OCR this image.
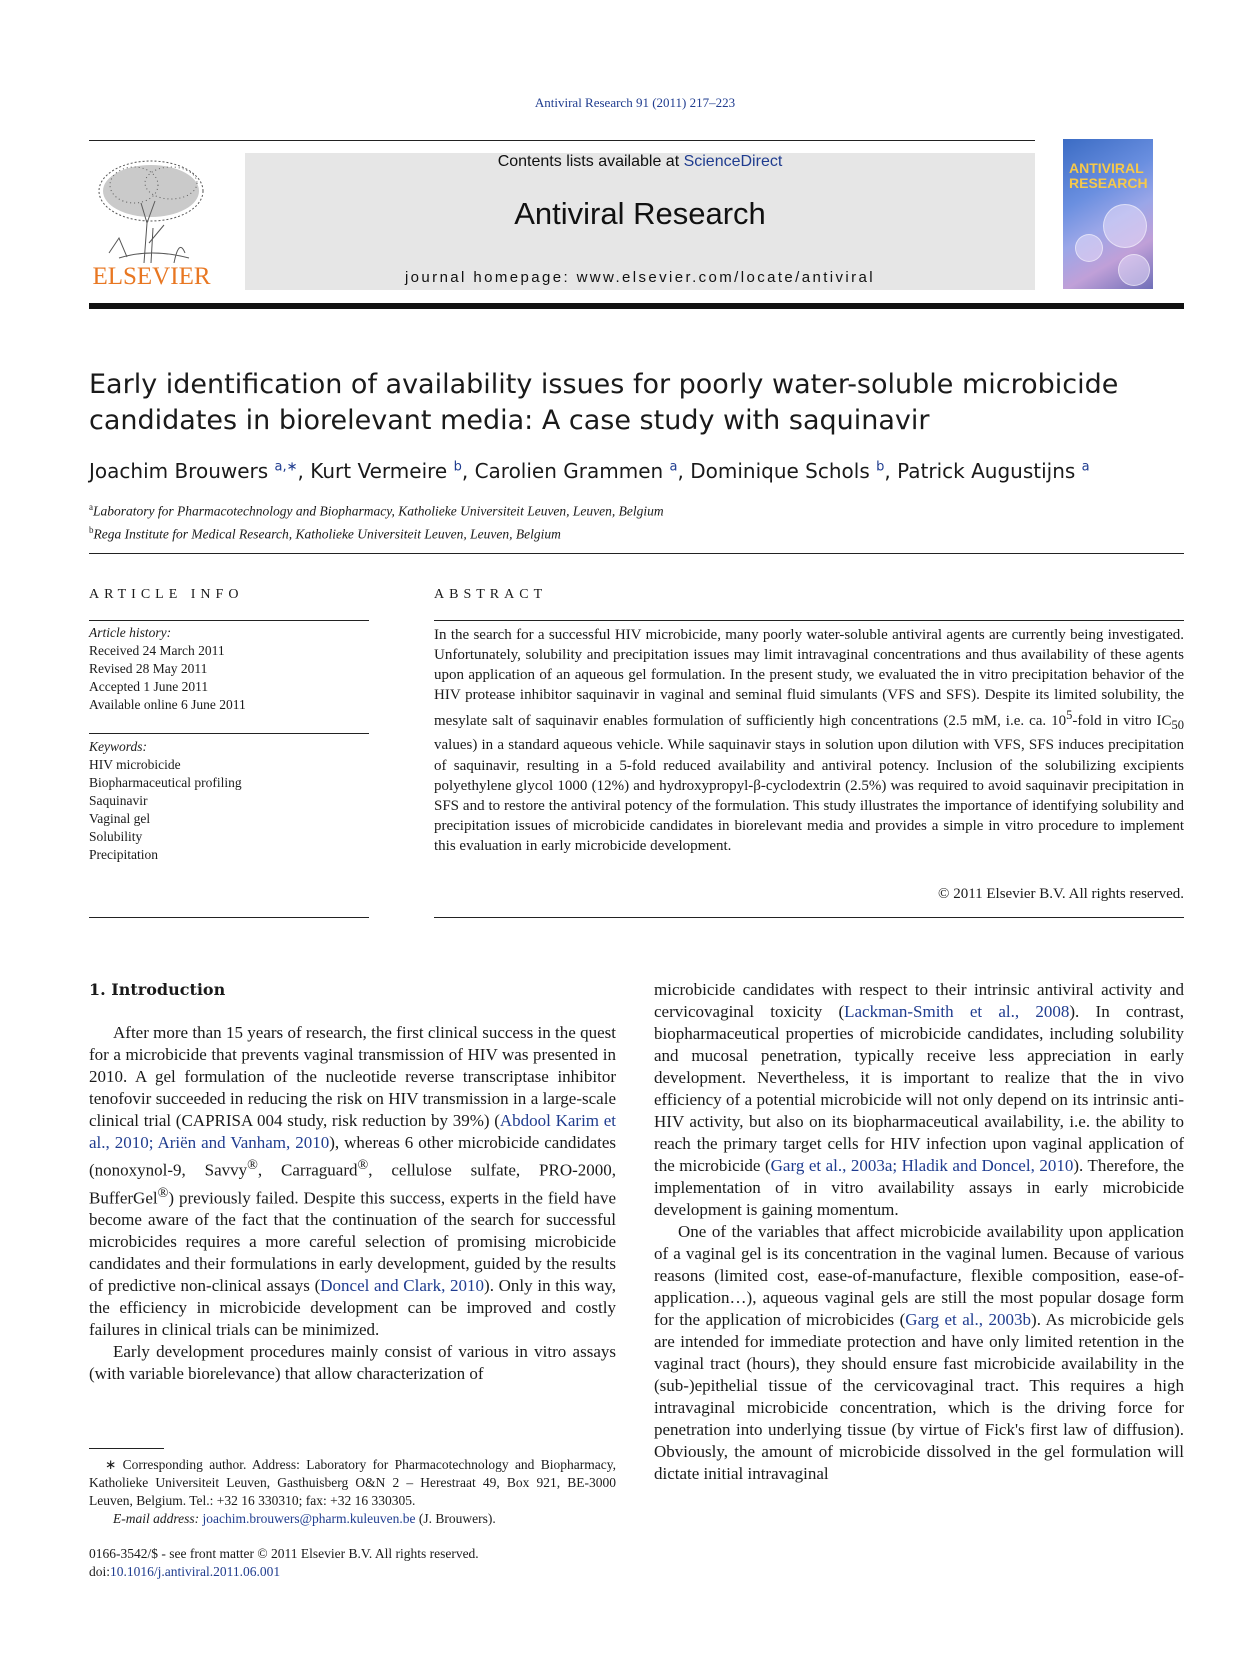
Antiviral Research 91 (2011) 217–223
ELSEVIER
Contents lists available at ScienceDirect
Antiviral Research
journal homepage: www.elsevier.com/locate/antiviral
ANTIVIRAL
RESEARCH
Early identification of availability issues for poorly water-soluble microbicide candidates in biorelevant media: A case study with saquinavir
Joachim Brouwers $^{a,∗}$, Kurt Vermeire $^b$, Carolien Grammen $^a$, Dominique Schols $^b$, Patrick Augustijns $^a$
$^a$Laboratory for Pharmacotechnology and Biopharmacy, Katholieke Universiteit Leuven, Leuven, Belgium
$^b$Rega Institute for Medical Research, Katholieke Universiteit Leuven, Leuven, Belgium
ARTICLE INFO
Article history:
Received 24 March 2011
Revised 28 May 2011
Accepted 1 June 2011
Available online 6 June 2011
Keywords:
HIV microbicide
Biopharmaceutical profiling
Saquinavir
Vaginal gel
Solubility
Precipitation
ABSTRACT
In the search for a successful HIV microbicide, many poorly water-soluble antiviral agents are currently being investigated. Unfortunately, solubility and precipitation issues may limit intravaginal concentrations and thus availability of these agents upon application of an aqueous gel formulation. In the present study, we evaluated the in vitro precipitation behavior of the HIV protease inhibitor saquinavir in vaginal and seminal fluid simulants (VFS and SFS). Despite its limited solubility, the mesylate salt of saquinavir enables formulation of sufficiently high concentrations (2.5 mM, i.e. ca. $10^5$-fold in vitro $IC_{50}$ values) in a standard aqueous vehicle. While saquinavir stays in solution upon dilution with VFS, SFS induces precipitation of saquinavir, resulting in a 5-fold reduced availability and antiviral potency. Inclusion of the solubilizing excipients polyethylene glycol 1000 (12%) and hydroxypropyl-β-cyclodextrin (2.5%) was required to avoid saquinavir precipitation in SFS and to restore the antiviral potency of the formulation. This study illustrates the importance of identifying solubility and precipitation issues of microbicide candidates in biorelevant media and provides a simple in vitro procedure to implement this evaluation in early microbicide development.
© 2011 Elsevier B.V. All rights reserved.
1. Introduction

After more than 15 years of research, the first clinical success in the quest for a microbicide that prevents vaginal transmission of HIV was presented in 2010. A gel formulation of the nucleotide reverse transcriptase inhibitor tenofovir succeeded in reducing the risk on HIV transmission in a large-scale clinical trial (CAPRISA 004 study, risk reduction by 39%) (Abdool Karim et al., 2010; Ariën and Vanham, 2010), whereas 6 other microbicide candidates (nonoxynol-9, Savvy®, Carraguard®, cellulose sulfate, PRO-2000, BufferGel®) previously failed. Despite this success, experts in the field have become aware of the fact that the continuation of the search for successful microbicides requires a more careful selection of promising microbicide candidates and their formulations in early development, guided by the results of predictive non-clinical assays (Doncel and Clark, 2010). Only in this way, the efficiency in microbicide development can be improved and costly failures in clinical trials can be minimized.

Early development procedures mainly consist of various in vitro assays (with variable biorelevance) that allow characterization of

microbicide candidates with respect to their intrinsic antiviral activity and cervicovaginal toxicity (Lackman-Smith et al., 2008). In contrast, biopharmaceutical properties of microbicide candidates, including solubility and mucosal penetration, typically receive less appreciation in early development. Nevertheless, it is important to realize that the in vivo efficiency of a potential microbicide will not only depend on its intrinsic anti-HIV activity, but also on its biopharmaceutical availability, i.e. the ability to reach the primary target cells for HIV infection upon vaginal application of the microbicide (Garg et al., 2003a; Hladik and Doncel, 2010). Therefore, the implementation of in vitro availability assays in early microbicide development is gaining momentum.

One of the variables that affect microbicide availability upon application of a vaginal gel is its concentration in the vaginal lumen. Because of various reasons (limited cost, ease-of-manufacture, flexible composition, ease-of-application…), aqueous vaginal gels are still the most popular dosage form for the application of microbicides (Garg et al., 2003b). As microbicide gels are intended for immediate protection and have only limited retention in the vaginal tract (hours), they should ensure fast microbicide availability in the (sub-)epithelial tissue of the cervicovaginal tract. This requires a high intravaginal microbicide concentration, which is the driving force for penetration into underlying tissue (by virtue of Fick's first law of diffusion). Obviously, the amount of microbicide dissolved in the gel formulation will dictate initial intravaginal

∗ Corresponding author. Address: Laboratory for Pharmacotechnology and Biopharmacy, Katholieke Universiteit Leuven, Gasthuisberg O&N 2 – Herestraat 49, Box 921, BE-3000 Leuven, Belgium. Tel.: +32 16 330310; fax: +32 16 330305.
E-mail address: joachim.brouwers@pharm.kuleuven.be (J. Brouwers).
0166-3542/$ - see front matter © 2011 Elsevier B.V. All rights reserved.
doi:10.1016/j.antiviral.2011.06.001
